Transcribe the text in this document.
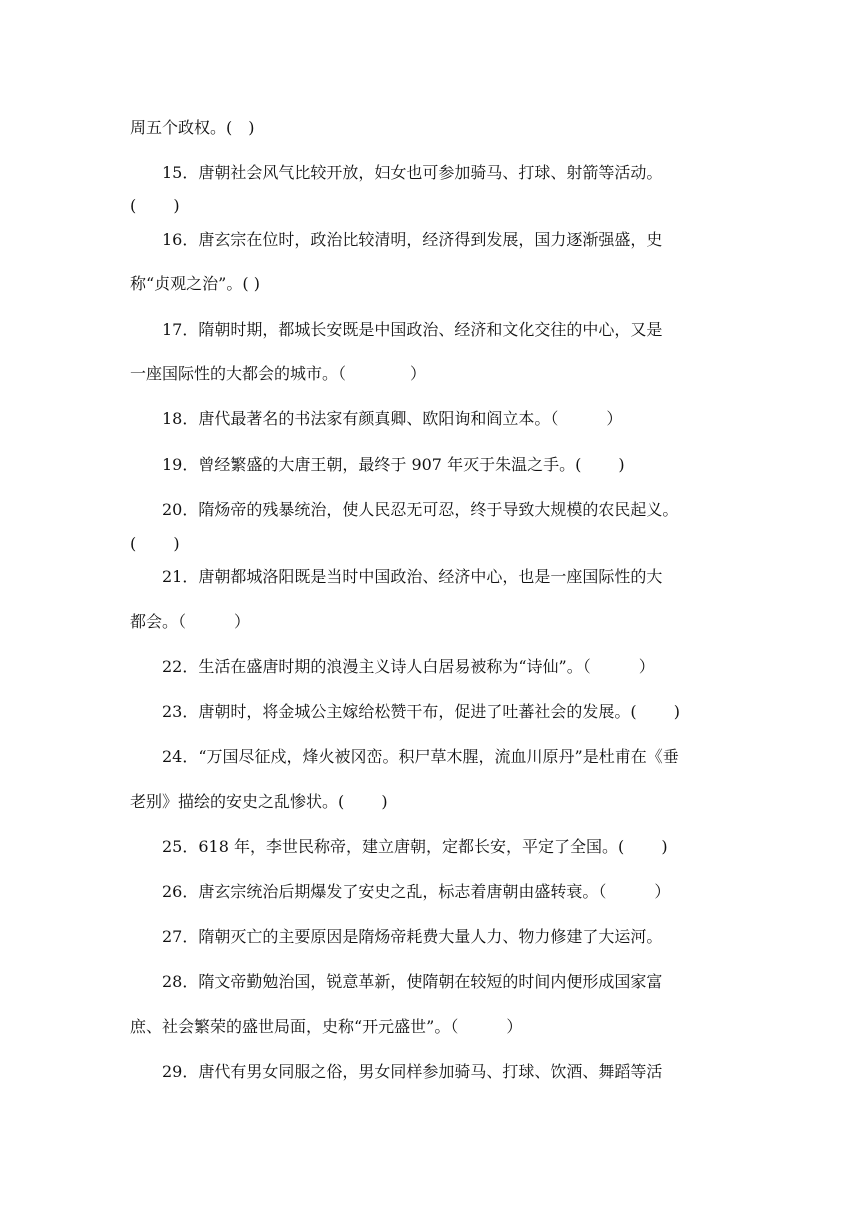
周五个政权。(　)
　　15．唐朝社会风气比较开放，妇女也可参加骑马、打球、射箭等活动。
(　　 )
　　16．唐玄宗在位时，政治比较清明，经济得到发展，国力逐渐强盛，史
称“贞观之治”。( )
　　17．隋朝时期，都城长安既是中国政治、经济和文化交往的中心，又是
一座国际性的大都会的城市。（　　　　）
　　18．唐代最著名的书法家有颜真卿、欧阳询和阎立本。（　　　）
　　19．曾经繁盛的大唐王朝，最终于 907 年灭于朱温之手。(　　 )
　　20．隋炀帝的残暴统治，使人民忍无可忍，终于导致大规模的农民起义。
(　　 )
　　21．唐朝都城洛阳既是当时中国政治、经济中心，也是一座国际性的大
都会。（　　　）
　　22．生活在盛唐时期的浪漫主义诗人白居易被称为“诗仙”。（　　　）
　　23．唐朝时，将金城公主嫁给松赞干布，促进了吐蕃社会的发展。(　　 )
　　24．“万国尽征戍，烽火被冈峦。积尸草木腥，流血川原丹”是杜甫在《垂
老别》描绘的安史之乱惨状。(　　 )
　　25．618 年，李世民称帝，建立唐朝，定都长安，平定了全国。(　　 )
　　26．唐玄宗统治后期爆发了安史之乱，标志着唐朝由盛转衰。（　　　）
　　27．隋朝灭亡的主要原因是隋炀帝耗费大量人力、物力修建了大运河。
　　28．隋文帝勤勉治国，锐意革新，使隋朝在较短的时间内便形成国家富
庶、社会繁荣的盛世局面，史称“开元盛世”。（　　　）
　　29．唐代有男女同服之俗，男女同样参加骑马、打球、饮酒、舞蹈等活
